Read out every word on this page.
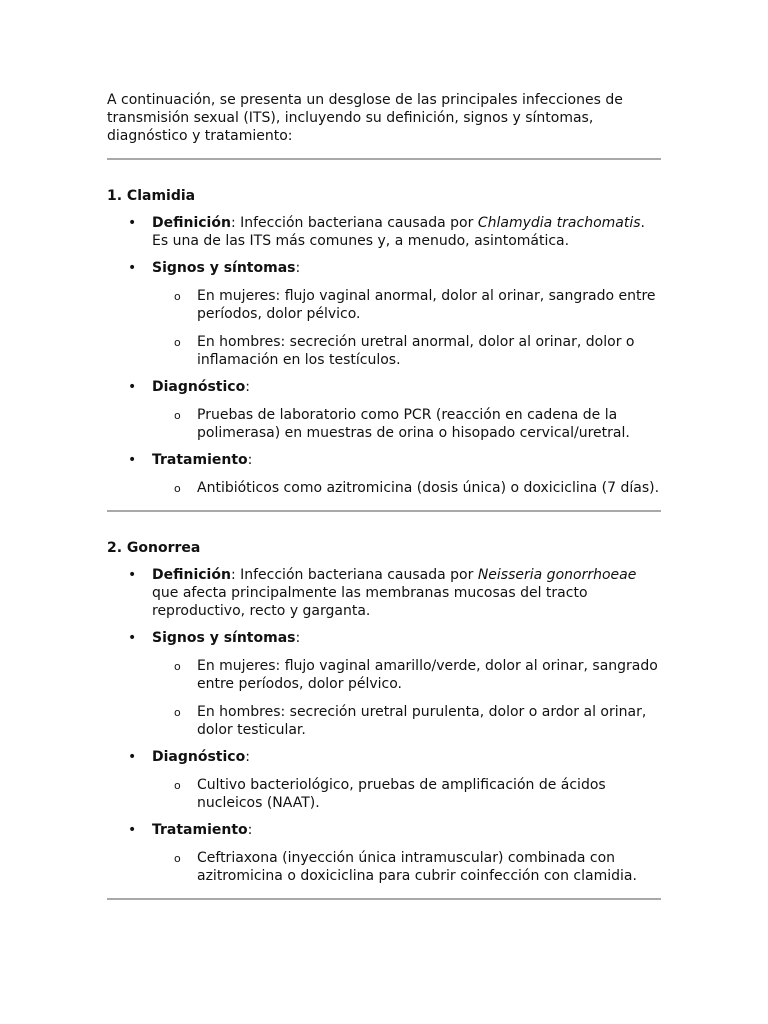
A continuación, se presenta un desglose de las principales infecciones de transmisión sexual (ITS), incluyendo su definición, signos y síntomas, diagnóstico y tratamiento:

1. Clamidia

• Definición: Infección bacteriana causada por Chlamydia trachomatis. Es una de las ITS más comunes y, a menudo, asintomática.
• Signos y síntomas:
o En mujeres: flujo vaginal anormal, dolor al orinar, sangrado entre períodos, dolor pélvico.
o En hombres: secreción uretral anormal, dolor al orinar, dolor o inflamación en los testículos.
• Diagnóstico:
o Pruebas de laboratorio como PCR (reacción en cadena de la polimerasa) en muestras de orina o hisopado cervical/uretral.
• Tratamiento:
o Antibióticos como azitromicina (dosis única) o doxiciclina (7 días).

2. Gonorrea

• Definición: Infección bacteriana causada por Neisseria gonorrhoeae que afecta principalmente las membranas mucosas del tracto reproductivo, recto y garganta.
• Signos y síntomas:
o En mujeres: flujo vaginal amarillo/verde, dolor al orinar, sangrado entre períodos, dolor pélvico.
o En hombres: secreción uretral purulenta, dolor o ardor al orinar, dolor testicular.
• Diagnóstico:
o Cultivo bacteriológico, pruebas de amplificación de ácidos nucleicos (NAAT).
• Tratamiento:
o Ceftriaxona (inyección única intramuscular) combinada con azitromicina o doxiciclina para cubrir coinfección con clamidia.
